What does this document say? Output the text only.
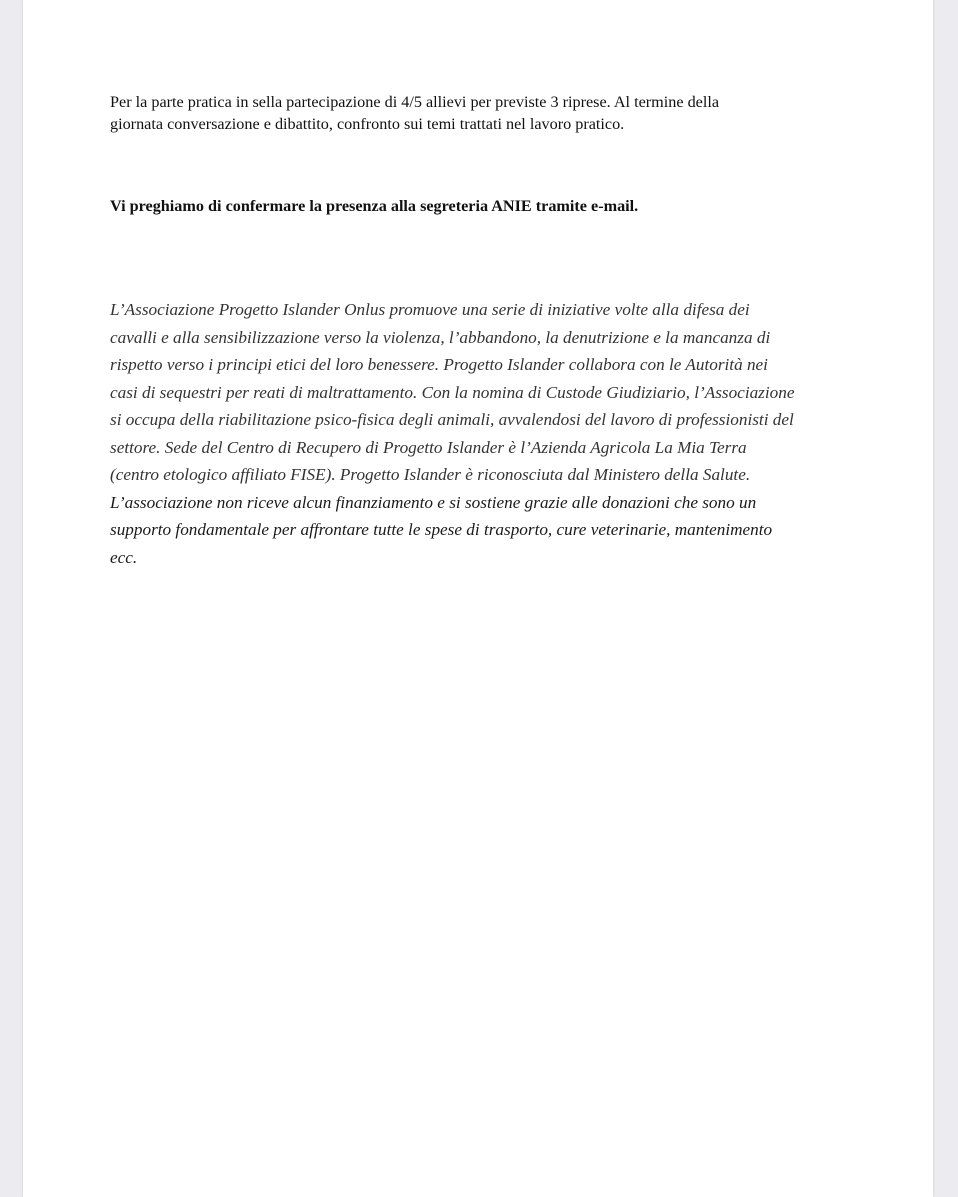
Per la parte pratica in sella partecipazione di 4/5 allievi per previste 3 riprese. Al termine della
giornata conversazione e dibattito, confronto sui temi trattati nel lavoro pratico.

Vi preghiamo di confermare la presenza alla segreteria ANIE tramite e-mail.

L’Associazione Progetto Islander Onlus promuove una serie di iniziative volte alla difesa dei
cavalli e alla sensibilizzazione verso la violenza, l’abbandono, la denutrizione e la mancanza di
rispetto verso i principi etici del loro benessere. Progetto Islander collabora con le Autorità nei
casi di sequestri per reati di maltrattamento. Con la nomina di Custode Giudiziario, l’Associazione
si occupa della riabilitazione psico-fisica degli animali, avvalendosi del lavoro di professionisti del
settore. Sede del Centro di Recupero di Progetto Islander è l’Azienda Agricola La Mia Terra
(centro etologico affiliato FISE). Progetto Islander è riconosciuta dal Ministero della Salute.
L’associazione non riceve alcun finanziamento e si sostiene grazie alle donazioni che sono un
supporto fondamentale per affrontare tutte le spese di trasporto, cure veterinarie, mantenimento
ecc.
